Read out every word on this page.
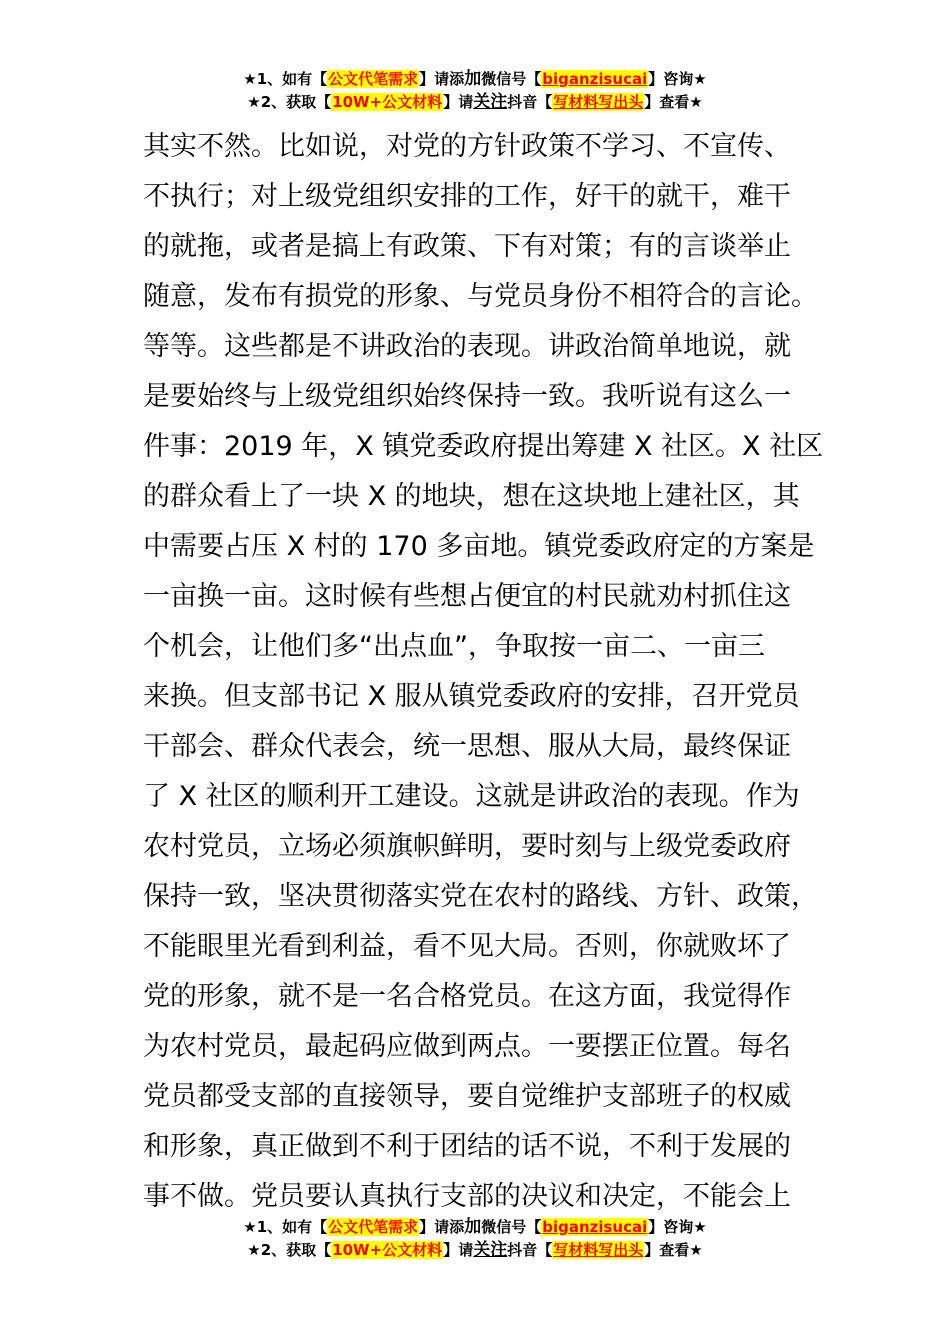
★1、如有【公文代笔需求】请添加微信号【biganzisucai】咨询★
★2、获取【10W+公文材料】请关注抖音【写材料写出头】查看★
其实不然。比如说，对党的方针政策不学习、不宣传、
不执行；对上级党组织安排的工作，好干的就干，难干
的就拖，或者是搞上有政策、下有对策；有的言谈举止
随意，发布有损党的形象、与党员身份不相符合的言论。
等等。这些都是不讲政治的表现。讲政治简单地说，就
是要始终与上级党组织始终保持一致。我听说有这么一
件事：2019 年，X 镇党委政府提出筹建 X 社区。X 社区
的群众看上了一块 X 的地块，想在这块地上建社区，其
中需要占压 X 村的 170 多亩地。镇党委政府定的方案是
一亩换一亩。这时候有些想占便宜的村民就劝村抓住这
个机会，让他们多“出点血”，争取按一亩二、一亩三
来换。但支部书记 X 服从镇党委政府的安排，召开党员
干部会、群众代表会，统一思想、服从大局，最终保证
了 X 社区的顺利开工建设。这就是讲政治的表现。作为
农村党员，立场必须旗帜鲜明，要时刻与上级党委政府
保持一致，坚决贯彻落实党在农村的路线、方针、政策，
不能眼里光看到利益，看不见大局。否则，你就败坏了
党的形象，就不是一名合格党员。在这方面，我觉得作
为农村党员，最起码应做到两点。一要摆正位置。每名
党员都受支部的直接领导，要自觉维护支部班子的权威
和形象，真正做到不利于团结的话不说，不利于发展的
事不做。党员要认真执行支部的决议和决定，不能会上
★1、如有【公文代笔需求】请添加微信号【biganzisucai】咨询★
★2、获取【10W+公文材料】请关注抖音【写材料写出头】查看★
